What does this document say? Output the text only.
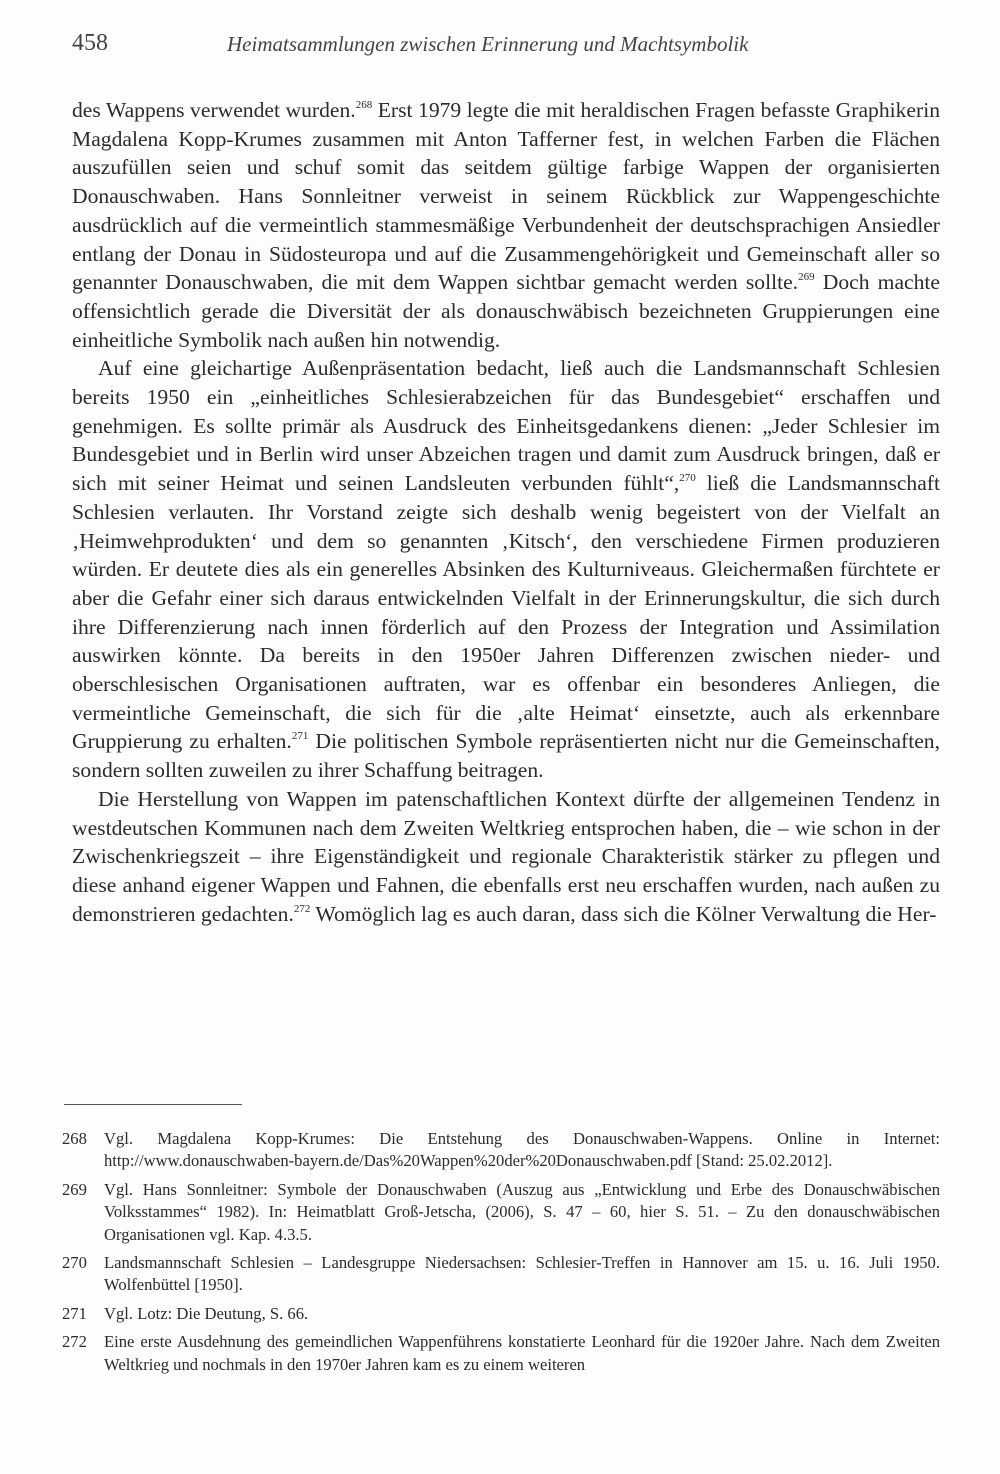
458	Heimatsammlungen zwischen Erinnerung und Machtsymbolik

des Wappens verwendet wurden.$^{268}$ Erst 1979 legte die mit heraldischen Fragen befasste Graphikerin Magdalena Kopp-Krumes zusammen mit Anton Tafferner fest, in welchen Farben die Flächen auszufüllen seien und schuf somit das seitdem gültige farbige Wappen der organisierten Donauschwaben. Hans Sonnleitner verweist in seinem Rückblick zur Wappengeschichte ausdrücklich auf die vermeintlich stammesmäßige Verbundenheit der deutschsprachigen Ansiedler entlang der Donau in Südosteuropa und auf die Zusammengehörigkeit und Gemeinschaft aller so genannter Donauschwaben, die mit dem Wappen sichtbar gemacht werden sollte.$^{269}$ Doch machte offensichtlich gerade die Diversität der als donauschwäbisch bezeichneten Gruppierungen eine einheitliche Symbolik nach außen hin notwendig.

Auf eine gleichartige Außenpräsentation bedacht, ließ auch die Landsmannschaft Schlesien bereits 1950 ein „einheitliches Schlesierabzeichen für das Bundesgebiet“ erschaffen und genehmigen. Es sollte primär als Ausdruck des Einheitsgedankens dienen: „Jeder Schlesier im Bundesgebiet und in Berlin wird unser Abzeichen tragen und damit zum Ausdruck bringen, daß er sich mit seiner Heimat und seinen Landsleuten verbunden fühlt“,$^{270}$ ließ die Landsmannschaft Schlesien verlauten. Ihr Vorstand zeigte sich deshalb wenig begeistert von der Vielfalt an ‚Heimwehprodukten‘ und dem so genannten ‚Kitsch‘, den verschiedene Firmen produzieren würden. Er deutete dies als ein generelles Absinken des Kulturniveaus. Gleichermaßen fürchtete er aber die Gefahr einer sich daraus entwickelnden Vielfalt in der Erinnerungskultur, die sich durch ihre Differenzierung nach innen förderlich auf den Prozess der Integration und Assimilation auswirken könnte. Da bereits in den 1950er Jahren Differenzen zwischen nieder- und oberschlesischen Organisationen auftraten, war es offenbar ein besonderes Anliegen, die vermeintliche Gemeinschaft, die sich für die ‚alte Heimat‘ einsetzte, auch als erkennbare Gruppierung zu erhalten.$^{271}$ Die politischen Symbole repräsentierten nicht nur die Gemeinschaften, sondern sollten zuweilen zu ihrer Schaffung beitragen.

Die Herstellung von Wappen im patenschaftlichen Kontext dürfte der allgemeinen Tendenz in westdeutschen Kommunen nach dem Zweiten Weltkrieg entsprochen haben, die – wie schon in der Zwischenkriegszeit – ihre Eigenständigkeit und regionale Charakteristik stärker zu pflegen und diese anhand eigener Wappen und Fahnen, die ebenfalls erst neu erschaffen wurden, nach außen zu demonstrieren gedachten.$^{272}$ Womöglich lag es auch daran, dass sich die Kölner Verwaltung die Her-

268	Vgl. Magdalena Kopp-Krumes: Die Entstehung des Donauschwaben-Wappens. Online in Internet: http://www.donauschwaben-bayern.de/Das%20Wappen%20der%20Donauschwaben.pdf [Stand: 25.02.2012].
269	Vgl. Hans Sonnleitner: Symbole der Donauschwaben (Auszug aus „Entwicklung und Erbe des Donauschwäbischen Volksstammes“ 1982). In: Heimatblatt Groß-Jetscha, (2006), S. 47 – 60, hier S. 51. – Zu den donauschwäbischen Organisationen vgl. Kap. 4.3.5.
270	Landsmannschaft Schlesien – Landesgruppe Niedersachsen: Schlesier-Treffen in Hannover am 15. u. 16. Juli 1950. Wolfenbüttel [1950].
271	Vgl. Lotz: Die Deutung, S. 66.
272	Eine erste Ausdehnung des gemeindlichen Wappenführens konstatierte Leonhard für die 1920er Jahre. Nach dem Zweiten Weltkrieg und nochmals in den 1970er Jahren kam es zu einem weiteren
